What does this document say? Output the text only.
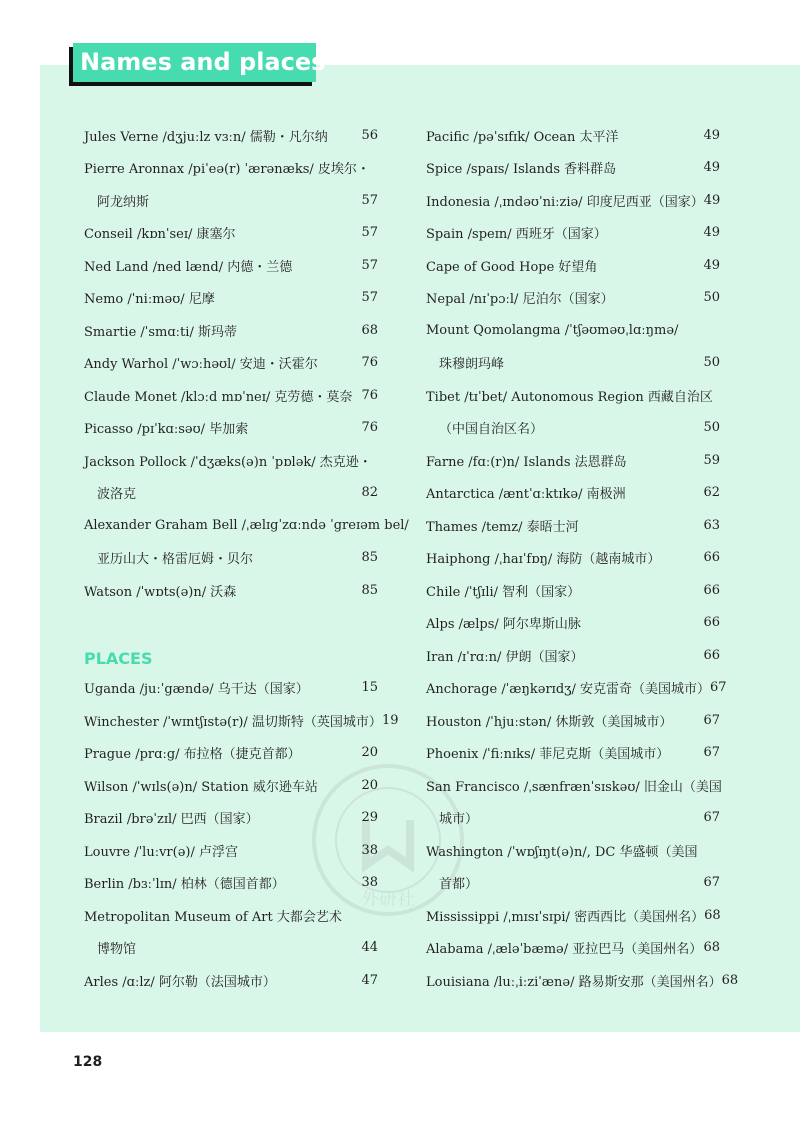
Names and places
外研社
Jules Verne /dʒjuːlz vɜːn/ 儒勒・凡尔纳	56
Pierre Aronnax /piˈeə(r) ˈærənæks/ 皮埃尔・
阿龙纳斯	57
Conseil /kɒnˈseɪ/ 康塞尔	57
Ned Land /ned lænd/ 内德・兰德	57
Nemo /ˈniːməʊ/ 尼摩	57
Smartie /ˈsmɑːti/ 斯玛蒂	68
Andy Warhol /ˈwɔːhəʊl/ 安迪・沃霍尔	76
Claude Monet /klɔːd mɒˈneɪ/ 克劳德・莫奈 76
Picasso /pɪˈkɑːsəʊ/ 毕加索	76
Jackson Pollock /ˈdʒæks(ə)n ˈpɒlək/ 杰克逊・
波洛克	82
Alexander Graham Bell /ˌælɪgˈzɑːndə ˈgreɪəm bel/
亚历山大・格雷厄姆・贝尔	85
Watson /ˈwɒts(ə)n/ 沃森	85
PLACES
Uganda /juːˈgændə/ 乌干达（国家）	15
Winchester /ˈwɪntʃɪstə(r)/ 温切斯特（英国城市） 19
Prague /prɑːg/ 布拉格（捷克首都）	20
Wilson /ˈwɪls(ə)n/ Station 威尔逊车站	20
Brazil /brəˈzɪl/ 巴西（国家）	29
Louvre /ˈluːvr(ə)/ 卢浮宫	38
Berlin /bɜːˈlɪn/ 柏林（德国首都）	38
Metropolitan Museum of Art 大都会艺术
博物馆	44
Arles /ɑːlz/ 阿尔勒（法国城市）	47
Pacific /pəˈsɪfɪk/ Ocean 太平洋	49
Spice /spaɪs/ Islands 香料群岛	49
Indonesia /ˌɪndəʊˈniːziə/ 印度尼西亚（国家） 49
Spain /speɪn/ 西班牙（国家）	49
Cape of Good Hope 好望角	49
Nepal /nɪˈpɔːl/ 尼泊尔（国家）	50
Mount Qomolangma /ˈtʃəʊməʊˌlɑːŋmə/
珠穆朗玛峰	50
Tibet /tɪˈbet/ Autonomous Region 西藏自治区
（中国自治区名）	50
Farne /fɑː(r)n/ Islands 法恩群岛	59
Antarctica /æntˈɑːktɪkə/ 南极洲	62
Thames /temz/ 泰晤士河	63
Haiphong /ˌhaɪˈfɒŋ/ 海防（越南城市）	66
Chile /ˈtʃɪli/ 智利（国家）	66
Alps /ælps/ 阿尔卑斯山脉	66
Iran /ɪˈrɑːn/ 伊朗（国家）	66
Anchorage /ˈæŋkərɪdʒ/ 安克雷奇（美国城市） 67
Houston /ˈhjuːstən/ 休斯敦（美国城市）	67
Phoenix /ˈfiːnɪks/ 菲尼克斯（美国城市）	67
San Francisco /ˌsænfrænˈsɪskəʊ/ 旧金山（美国
城市）	67
Washington /ˈwɒʃɪŋt(ə)n/, DC 华盛顿（美国
首都）	67
Mississippi /ˌmɪsɪˈsɪpi/ 密西西比（美国州名） 68
Alabama /ˌæləˈbæmə/ 亚拉巴马（美国州名） 68
Louisiana /luːˌiːziˈænə/ 路易斯安那（美国州名） 68
128
